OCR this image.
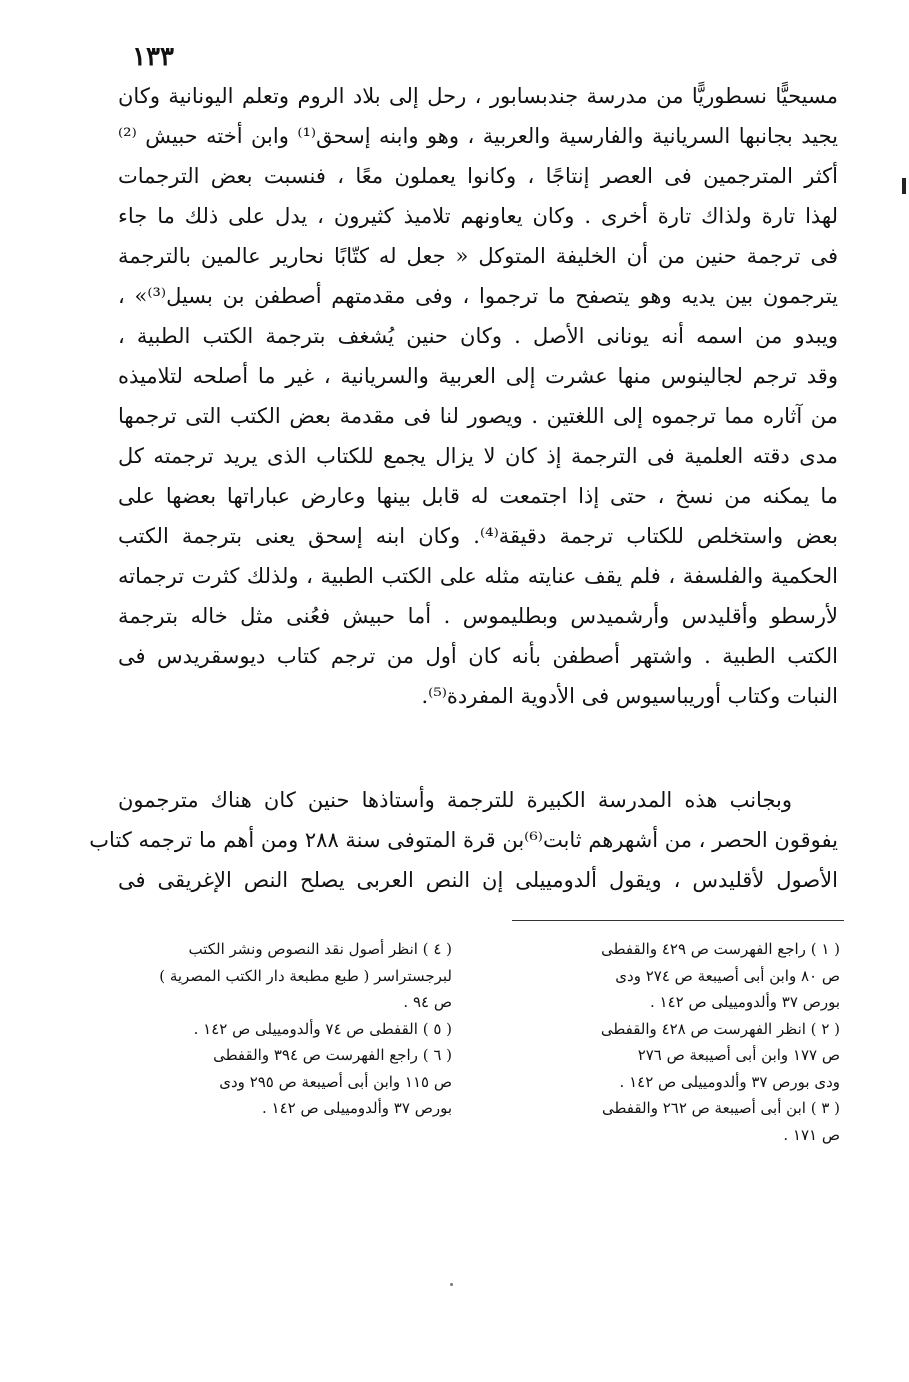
١٣٣
مسيحيًّا نسطوريًّا من مدرسة جندبسابور ، رحل إلى بلاد الروم وتعلم اليونانية وكان
يجيد بجانبها السريانية والفارسية والعربية ، وهو وابنه إسحق⁽¹⁾ وابن أخته حبيش ⁽²⁾
أكثر المترجمين فى العصر إنتاجًا ، وكانوا يعملون معًا ، فنسبت بعض الترجمات
لهذا تارة ولذاك تارة أخرى . وكان يعاونهم تلاميذ كثيرون ، يدل على ذلك ما جاء
فى ترجمة حنين من أن الخليفة المتوكل « جعل له كتّابًا نحارير عالمين بالترجمة
يترجمون بين يديه وهو يتصفح ما ترجموا ، وفى مقدمتهم أصطفن بن بسيل⁽³⁾» ،
ويبدو من اسمه أنه يونانى الأصل . وكان حنين يُشغف بترجمة الكتب الطبية ،
وقد ترجم لجالينوس منها عشرت إلى العربية والسريانية ، غير ما أصلحه لتلاميذه
من آثاره مما ترجموه إلى اللغتين . ويصور لنا فى مقدمة بعض الكتب التى ترجمها
مدى دقته العلمية فى الترجمة إذ كان لا يزال يجمع للكتاب الذى يريد ترجمته كل
ما يمكنه من نسخ ، حتى إذا اجتمعت له قابل بينها وعارض عباراتها بعضها على
بعض واستخلص للكتاب ترجمة دقيقة⁽⁴⁾. وكان ابنه إسحق يعنى بترجمة الكتب
الحكمية والفلسفة ، فلم يقف عنايته مثله على الكتب الطبية ، ولذلك كثرت ترجماته
لأرسطو وأقليدس وأرشميدس وبطليموس . أما حبيش فعُنى مثل خاله بترجمة
الكتب الطبية . واشتهر أصطفن بأنه كان أول من ترجم كتاب ديوسقريدس فى
النبات وكتاب أوريباسيوس فى الأدوية المفردة⁽⁵⁾.
وبجانب هذه المدرسة الكبيرة للترجمة وأستاذها حنين كان هناك مترجمون
يفوقون الحصر ، من أشهرهم ثابت⁽⁶⁾بن قرة المتوفى سنة ٢٨٨ ومن أهم ما ترجمه كتاب
الأصول لأقليدس ، ويقول ألدومييلى إن النص العربى يصلح النص الإغريقى فى
( ١ ) راجع الفهرست ص ٤٢٩ والقفطى
ص ٨٠ وابن أبى أصيبعة ص ٢٧٤ ودى
بورص ٣٧ وألدومييلى ص ١٤٢ .
( ٢ ) انظر الفهرست ص ٤٢٨ والقفطى
ص ١٧٧ وابن أبى أصيبعة ص ٢٧٦
ودى بورص ٣٧ وألدومييلى ص ١٤٢ .
( ٣ ) ابن أبى أصيبعة ص ٢٦٢ والقفطى
ص ١٧١ .
( ٤ ) انظر أصول نقد النصوص ونشر الكتب
لبرجستراسر ( طبع مطبعة دار الكتب المصرية )
ص ٩٤ .
( ٥ ) القفطى ص ٧٤ وألدومييلى ص ١٤٢ .
( ٦ ) راجع الفهرست ص ٣٩٤ والقفطى
ص ١١٥ وابن أبى أصيبعة ص ٢٩٥ ودى
بورص ٣٧ وألدومييلى ص ١٤٢ .
